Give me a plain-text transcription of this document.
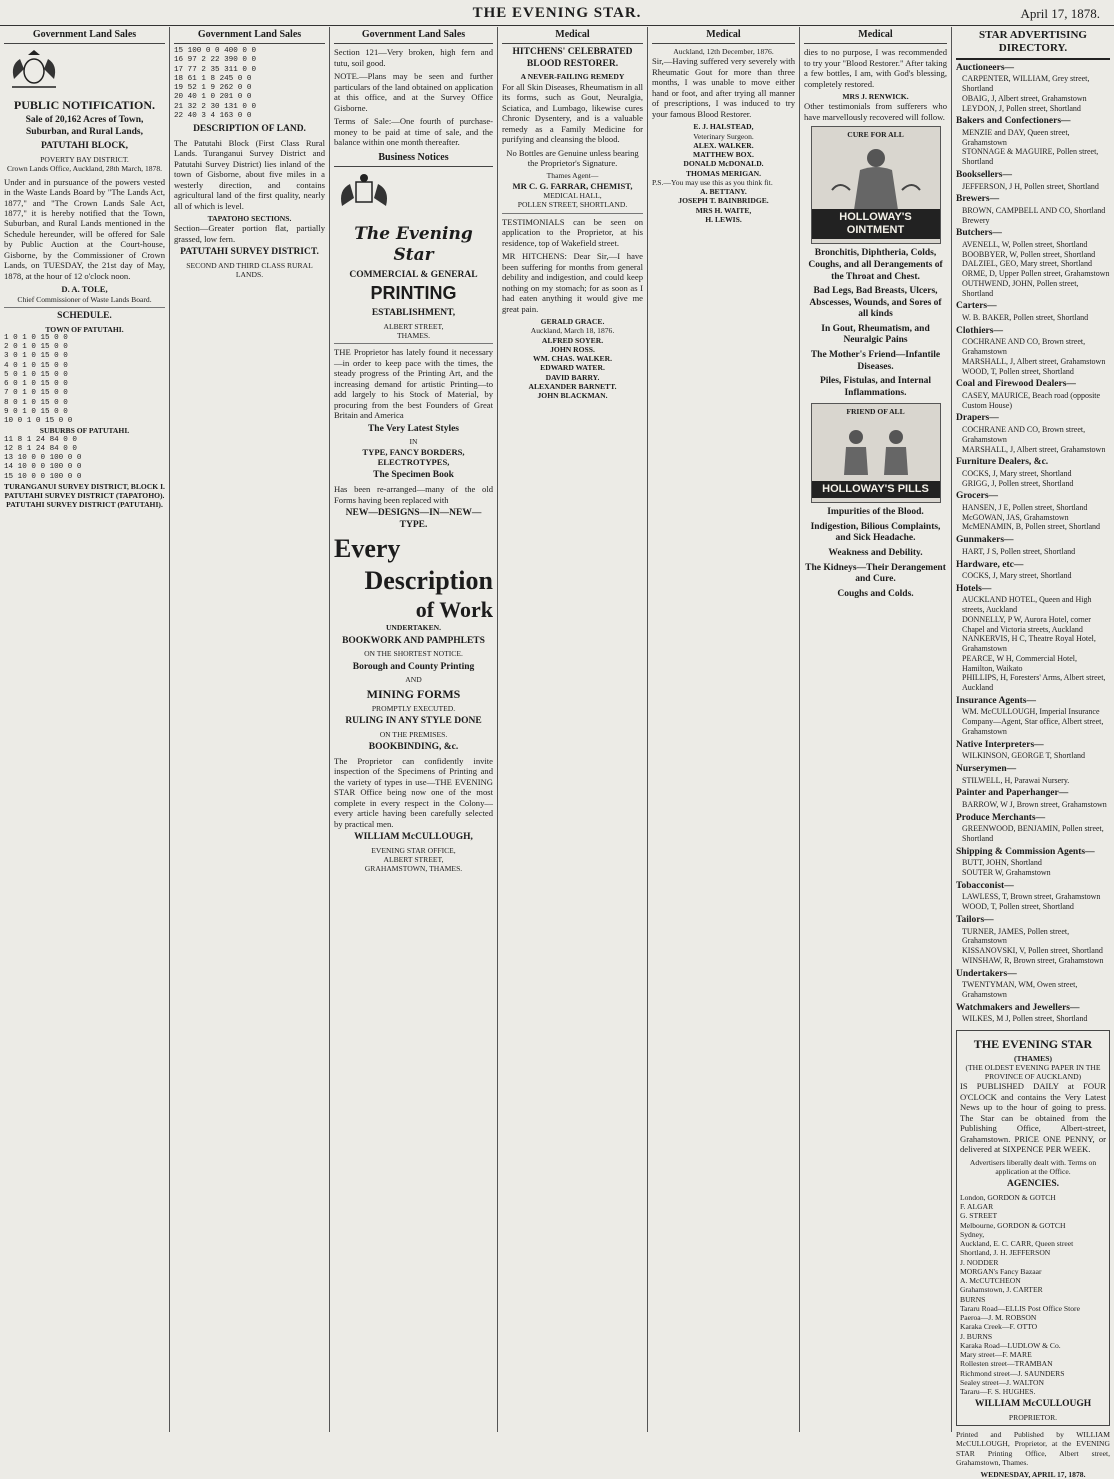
THE EVENING STAR.	April 17, 1878.
Government Land Sales
PUBLIC NOTIFICATION.
Sale of 20,162 Acres of Town, Suburban, and Rural Lands,
PATUTAHI BLOCK,
POVERTY BAY DISTRICT.

Crown Lands Office, Auckland, 28th March, 1878.

Under and in pursuance of the powers vested in the Waste Lands Board by "The Lands Act, 1877," and "The Crown Lands Sale Act, 1877," it is hereby notified that the Town, Suburban, and Rural Lands mentioned in the Schedule hereunder, will be offered for Sale by Public Auction at the Court-house, Gisborne, by the Commissioner of Crown Lands, on TUESDAY, the 21st day of May, 1878, at the hour of 12 o'clock noon.

D. A. TOLE,
Chief Commissioner of Waste Lands Board.
SCHEDULE.
TOWN OF PATUTAHI.
1 0 1 0 15 0 0
2 0 1 0 15 0 0
3 0 1 0 15 0 0
4 0 1 0 15 0 0
5 0 1 0 15 0 0
6 0 1 0 15 0 0
7 0 1 0 15 0 0
8 0 1 0 15 0 0
9 0 1 0 15 0 0
10 0 1 0 15 0 0
SUBURBS OF PATUTAHI.
11 8 1 24 84 0 0
12 8 1 24 84 0 0
13 10 0 0 100 0 0
14 10 0 0 100 0 0
15 10 0 0 100 0 0
TURANGANUI SURVEY DISTRICT, BLOCK I.
PATUTAHI SURVEY DISTRICT (TAPATOHO).
PATUTAHI SURVEY DISTRICT (PATUTAHI).
Government Land Sales
15 100 0 0 400 0 0
16 97 2 22 390 0 0
17 77 2 35 311 0 0
18 61 1 8 245 0 0
19 52 1 9 262 0 0
20 40 1 0 201 0 0
21 32 2 30 131 0 0
22 40 3 4 163 0 0
DESCRIPTION OF LAND.

The Patutahi Block (First Class Rural Lands. Turanganui Survey District and Patutahi Survey District) lies inland of the town of Gisborne, about five miles in a westerly direction, and contains agricultural land of the first quality, nearly all of which is level.

TAPATOHO SECTIONS.

Section—Greater portion flat, partially grassed, low fern.

PATUTAHI SURVEY DISTRICT.
SECOND AND THIRD CLASS RURAL LANDS.
Government Land Sales

Section 121—Very broken, high fern and tutu, soil good.

NOTE.—Plans may be seen and further particulars of the land obtained on application at this office, and at the Survey Office Gisborne.

Terms of Sale:—One fourth of purchase-money to be paid at time of sale, and the balance within one month thereafter.

Business Notices
The Evening Star
COMMERCIAL & GENERAL
PRINTING
ESTABLISHMENT,
ALBERT STREET,
THAMES.

THE Proprietor has lately found it necessary—in order to keep pace with the times, the steady progress of the Printing Art, and the increasing demand for artistic Printing—to add largely to his Stock of Material, by procuring from the best Founders of Great Britain and America

The Very Latest Styles
IN
TYPE, FANCY BORDERS, ELECTROTYPES,
The Specimen Book

Has been re-arranged—many of the old Forms having been replaced with

NEW—DESIGNS—IN—NEW—TYPE.
Every
Description
of Work
UNDERTAKEN.
BOOKWORK AND PAMPHLETS
ON THE SHORTEST NOTICE.
Borough and County Printing
AND
MINING FORMS
PROMPTLY EXECUTED.
RULING IN ANY STYLE DONE
ON THE PREMISES.
BOOKBINDING, &c.

The Proprietor can confidently invite inspection of the Specimens of Printing and the variety of types in use—THE EVENING STAR Office being now one of the most complete in every respect in the Colony—every article having been carefully selected by practical men.

WILLIAM McCULLOUGH,
EVENING STAR OFFICE,
ALBERT STREET,
GRAHAMSTOWN, THAMES.
Medical
HITCHENS' CELEBRATED BLOOD RESTORER.
A NEVER-FAILING REMEDY

For all Skin Diseases, Rheumatism in all its forms, such as Gout, Neuralgia, Sciatica, and Lumbago, likewise cures Chronic Dysentery, and is a valuable remedy as a Family Medicine for purifying and cleansing the blood.

No Bottles are Genuine unless bearing the Proprietor's Signature.

Thames Agent—
MR C. G. FARRAR, CHEMIST,
MEDICAL HALL,
POLLEN STREET, SHORTLAND.

TESTIMONIALS can be seen on application to the Proprietor, at his residence, top of Wakefield street.

MR HITCHENS: Dear Sir,—I have been suffering for months from general debility and indigestion, and could keep nothing on my stomach; for as soon as I had eaten anything it would give me great pain.

GERALD GRACE.
Auckland, March 18, 1876.
ALFRED SOYER.
JOHN ROSS.
WM. CHAS. WALKER.
EDWARD WATER.
DAVID BARRY.
ALEXANDER BARNETT.
JOHN BLACKMAN.
Medical
Auckland, 12th December, 1876.

Sir,—Having suffered very severely with Rheumatic Gout for more than three months, I was unable to move either hand or foot, and after trying all manner of prescriptions, I was induced to try your famous Blood Restorer.

E. J. HALSTEAD,
Veterinary Surgeon.
ALEX. WALKER.
MATTHEW BOX.
DONALD McDONALD.
THOMAS MERIGAN.
P.S.—You may use this as you think fit.
A. BETTANY.
JOSEPH T. BAINBRIDGE.
MRS H. WAITE,
H. LEWIS.
Medical

dies to no purpose, I was recommended to try your "Blood Restorer." After taking a few bottles, I am, with God's blessing, completely restored.

MRS J. RENWICK.

Other testimonials from sufferers who have marvellously recovered will follow.

CURE FOR ALL
HOLLOWAY'S OINTMENT
Bronchitis, Diphtheria, Colds, Coughs, and all Derangements of the Throat and Chest.
Bad Legs, Bad Breasts, Ulcers, Abscesses, Wounds, and Sores of all kinds
In Gout, Rheumatism, and Neuralgic Pains
The Mother's Friend—Infantile Diseases.
Piles, Fistulas, and Internal Inflammations.
FRIEND OF ALL
HOLLOWAY'S PILLS
Impurities of the Blood.
Indigestion, Bilious Complaints, and Sick Headache.
Weakness and Debility.
The Kidneys—Their Derangement and Cure.
Coughs and Colds.
STAR ADVERTISING DIRECTORY.
Auctioneers—
CARPENTER, WILLIAM, Grey street, Shortland
OBAIG, J, Albert street, Grahamstown
LEYDON, J, Pollen street, Shortland
Bakers and Confectioners—
MENZIE and DAY, Queen street, Grahamstown
STONNAGE & MAGUIRE, Pollen street, Shortland
Booksellers—
JEFFERSON, J H, Pollen street, Shortland
Brewers—
BROWN, CAMPBELL AND CO, Shortland Brewery
Butchers—
AVENELL, W, Pollen street, Shortland
BOOBBYER, W, Pollen street, Shortland
DALZIEL, GEO, Mary street, Shortland
ORME, D, Upper Pollen street, Grahamstown
OUTHWEND, JOHN, Pollen street, Shortland
Carters—
W. B. BAKER, Pollen street, Shortland
Clothiers—
COCHRANE AND CO, Brown street, Grahamstown
MARSHALL, J, Albert street, Grahamstown
WOOD, T, Pollen street, Shortland
Coal and Firewood Dealers—
CASEY, MAURICE, Beach road (opposite Custom House)
Drapers—
COCHRANE AND CO, Brown street, Grahamstown
MARSHALL, J, Albert street, Grahamstown
Furniture Dealers, &c.
COCKS, J, Mary street, Shortland
GRIGG, J, Pollen street, Shortland
Grocers—
HANSEN, J E, Pollen street, Shortland
McGOWAN, JAS, Grahamstown
McMENAMIN, B, Pollen street, Shortland
Gunmakers—
HART, J S, Pollen street, Shortland
Hardware, etc—
COCKS, J, Mary street, Shortland
Hotels—
AUCKLAND HOTEL, Queen and High streets, Auckland
DONNELLY, P W, Aurora Hotel, corner Chapel and Victoria streets, Auckland
NANKERVIS, H C, Theatre Royal Hotel, Grahamstown
PEARCE, W H, Commercial Hotel, Hamilton, Waikato
PHILLIPS, H, Foresters' Arms, Albert street, Auckland
Insurance Agents—
WM. McCULLOUGH, Imperial Insurance Company—Agent, Star office, Albert street, Grahamstown
Native Interpreters—
WILKINSON, GEORGE T, Shortland
Nurserymen—
STILWELL, H, Parawai Nursery.
Painter and Paperhanger—
BARROW, W J, Brown street, Grahamstown
Produce Merchants—
GREENWOOD, BENJAMIN, Pollen street, Shortland
Shipping & Commission Agents—
BUTT, JOHN, Shortland
SOUTER W, Grahamstown
Tobacconist—
LAWLESS, T, Brown street, Grahamstown
WOOD, T, Pollen street, Shortland
Tailors—
TURNER, JAMES, Pollen street, Grahamstown
KISSANOVSKI, V, Pollen street, Shortland
WINSHAW, R, Brown street, Grahamstown
Undertakers—
TWENTYMAN, WM, Owen street, Grahamstown
Watchmakers and Jewellers—
WILKES, M J, Pollen street, Shortland
THE EVENING STAR
(THAMES)
(THE OLDEST EVENING PAPER IN THE PROVINCE OF AUCKLAND)

IS PUBLISHED DAILY at FOUR O'CLOCK and contains the Very Latest News up to the hour of going to press. The Star can be obtained from the Publishing Office, Albert-street, Grahamstown. PRICE ONE PENNY, or delivered at SIXPENCE PER WEEK.

Advertisers liberally dealt with. Terms on application at the Office.

AGENCIES.
London, GORDON & GOTCH
F. ALGAR
G. STREET
Melbourne, GORDON & GOTCH
Sydney,
Auckland, E. C. CARR, Queen street
Shortland, J. H. JEFFERSON
J. NODDER
MORGAN's Fancy Bazaar
A. McCUTCHEON
Grahamstown, J. CARTER
BURNS
Tararu Road—ELLIS Post Office Store
Paeroa—J. M. ROBSON
Karaka Creek—F. OTTO
J. BURNS
Karaka Road—LUDLOW & Co.
Mary street—F. MARE
Rollesten street—TRAMBAN
Richmond street—J. SAUNDERS
Sealey street—J. WALTON
Tararu—F. S. HUGHES.
WILLIAM McCULLOUGH
PROPRIETOR.

Printed and Published by WILLIAM McCULLOUGH, Proprietor, at the EVENING STAR Printing Office, Albert street, Grahamstown, Thames.

WEDNESDAY, APRIL 17, 1878.
